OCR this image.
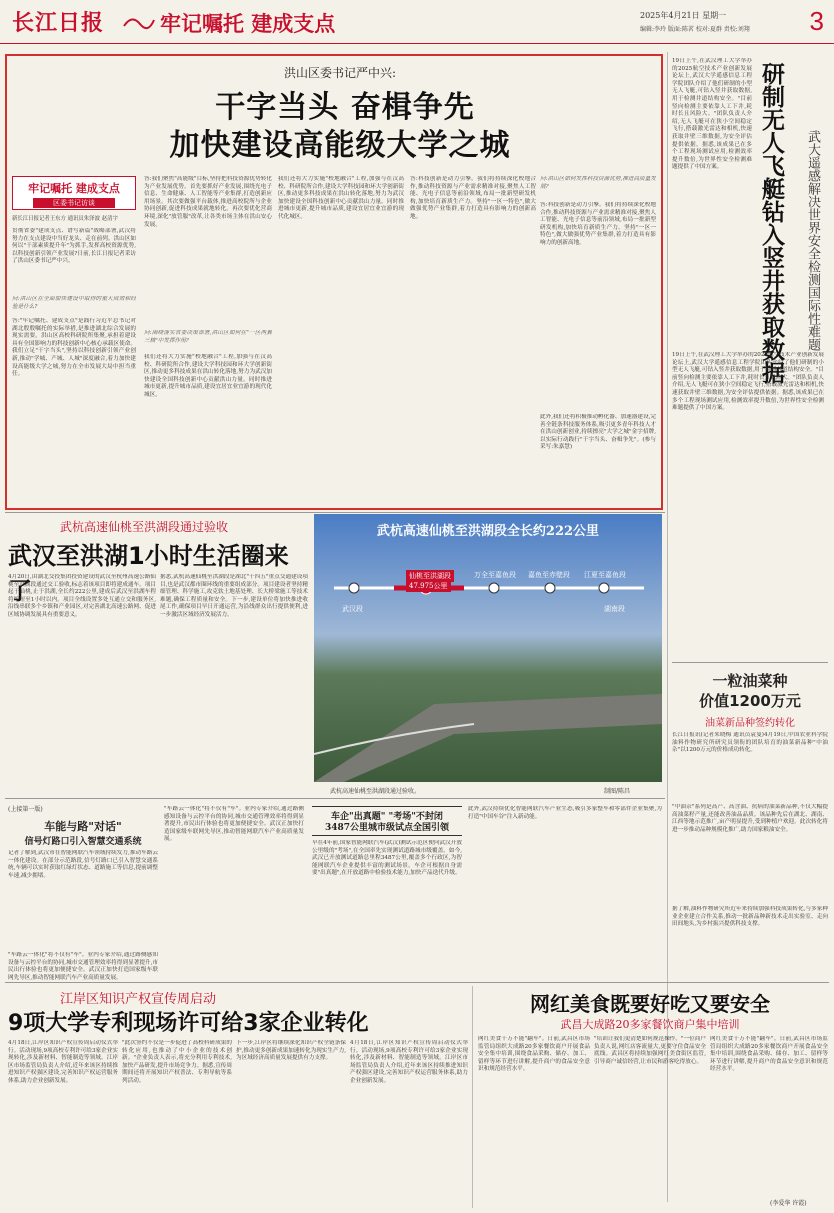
长江日报	牢记嘱托 建成支点	2025年4月21日 星期一
编辑:李玲 版面:陈茗 校对:夏群 责校:刘翔 3
洪山区委书记严中兴:
干字当头 奋楫争先
加快建设高能级大学之城
牢记嘱托 建成支点
区委书记访谈
新长江日报记者王东方 通讯员朱泽波 赵清宇
贯彻省委"建成支点、谱写新篇"战略部署,武汉将努力在支点建设中当好龙头、走在前列。洪山区如何以"干部素质提升年"为抓手,发挥高校资源优势,以科技创新引领产业发展?日前,长江日报记者采访了洪山区委书记严中兴。
问:洪山区在全面加快建设中取得的重大成效和经验是什么?
答:"牢记嘱托、建成支点"是践行习近平总书记对湖北殷殷嘱托的实际举措,是推进湖北综合发展的现实需要。洪山区高校科研院所集聚,承担着建设具有全国影响力的科技创新中心核心承载区使命。我们立足"干字当头",坚持以科技创新引领产业创新,推动"学城、产城、人城"深度融合,着力加快建设高能级大学之城,努力在全市发展大局中担当重任。
答:我们聚焦"高能级"目标,坚持把科技资源优势转化为产业发展优势。首先要抓好产业发展,围绕光电子信息、生命健康、人工智能等产业集群,打造创新应用场景。其次要做强平台载体,推进高校院所与企业协同创新,促进科技成果就地转化。再次要优化营商环境,深化"放管服"改革,让各类市场主体在洪山安心发展。
问:围绕落实省委决策部署,洪山区如何在"一区两翼三核"中发挥作用?
我们还将大力实施"校地融合"工程,加强与在汉高校、科研院所合作,建设大学科技园和环大学创新街区,推动更多科技成果在洪山转化落地,努力为武汉加快建设全国科技创新中心贡献洪山力量。同时推进城市更新,提升城市品质,建设宜居宜业宜游的现代化城区。
我们还将大力实施"校地融合"工程,加强与在汉高校、科研院所合作,建设大学科技园和环大学创新街区,推动更多科技成果在洪山转化落地,努力为武汉加快建设全国科技创新中心贡献洪山力量。同时推进城市更新,提升城市品质,建设宜居宜业宜游的现代化城区。
答:科技创新是动力引擎。我们将持续深化校地合作,推动科技资源与产业需求精准对接,聚焦人工智能、光电子信息等前沿领域,布局一批新型研发机构,加快培育新质生产力。坚持"一区一特色",做大做强优势产业集群,着力打造具有影响力的创新高地。
问:洪山区如何发挥科技资源优势,推进高质量发展?
答:科技创新是动力引擎。我们将持续深化校地合作,推动科技资源与产业需求精准对接,聚焦人工智能、光电子信息等前沿领域,布局一批新型研发机构,加快培育新质生产力。坚持"一区一特色",做大做强优势产业集群,着力打造具有影响力的创新高地。
此外,我们还将积极推动孵化器、加速器建设,完善全链条科技服务体系,吸引更多青年科技人才在洪山创新创业,持续擦亮"大学之城"金字招牌,以实际行动践行"干字当头、奋楫争先"。(参与采写:朱嘉慧)
19日上午,在武汉理工大学举办的2025航空技术产业创新发展论坛上,武汉大学遥感信息工程学院团队介绍了他们研制的小型无人飞艇,可钻入竖井获取数据,用于检测井道结构安全。"目前竖向检测主要依靠人工下井,耗时长且风险大。"团队负责人介绍,无人飞艇可在狭小空间稳定飞行,搭载激光雷达和相机,快速获取井壁三维数据,为安全评估提供依据。据悉,该成果已在多个工程现场测试应用,检测效率提升数倍,为世界性安全检测难题提供了中国方案。	研制无人飞艇钻入竖井获取数据	武大遥感解决世界安全检测国际性难题
19日上午,在武汉理工大学举办的2025航空技术产业创新发展论坛上,武汉大学遥感信息工程学院团队介绍了他们研制的小型无人飞艇,可钻入竖井获取数据,用于检测井道结构安全。"目前竖向检测主要依靠人工下井,耗时长且风险大。"团队负责人介绍,无人飞艇可在狭小空间稳定飞行,搭载激光雷达和相机,快速获取井壁三维数据,为安全评估提供依据。据悉,该成果已在多个工程现场测试应用,检测效率提升数倍,为世界性安全检测难题提供了中国方案。
武杭高速仙桃至洪湖段通过验收
武汉至洪湖1小时生活圈来了
4月20日,由湖北交投集团投资建设的武汉至杭州高速公路仙桃至洪湖段通过交工验收,标志着该项目即将建成通车。项目起于仙桃,止于洪湖,全长约222公里,建成后武汉至洪湖车程将缩短至1小时以内。项目全线设置多处互通立交和服务区,沿线串联多个乡镇和产业园区,对完善湖北高速公路网、促进区域协调发展具有重要意义。
据悉,武杭高速仙桃至洪湖段是湖北"十四五"重点交通建设项目,也是武汉都市圈环线的重要组成部分。项目建设者坚持精细管理、科学施工,攻克软土地基处理、长大桥梁施工等技术难题,确保工程质量和安全。下一步,建设单位将加快推进收尾工作,确保项目早日开通运营,为沿线群众出行提供便利,进一步激活区域经济发展活力。
武杭高速仙桃至洪湖段全长约222公里
武汉段
仙桃至洪湖段
47.975公里
万全至嘉鱼段 嘉鱼至赤壁段 江夏至嘉鱼段
湖南段
武杭高速仙桃至洪湖段通过验收。	制图/陈昌
一粒油菜种
价值1200万元
油菜新品种签约转化
长江日报讯(记者朱晓梅 通讯员袁曼)4月19日,中国农业科学院油料作物研究所研究员领衔的团队培育的油菜新品种"中油杂"以1200万元的价格成功转化。
"中油杂"系列是高产、高含油、抗病的油菜新品种,不仅大幅提高油菜籽产量,还能改善油品品质。该品种先后在湖北、湖南、江西等地示范推广,亩产明显提升,受到种植户欢迎。此次转化将进一步推动品种规模化推广,助力国家粮油安全。
据了解,油料作物研究所近年来持续加强科技成果转化,与多家种业企业建立合作关系,推动一批新品种新技术走出实验室、走向田间地头,为乡村振兴提供科技支撑。
(上接第一版)
车能与路"对话"
信号灯路口引入智慧交通系统
记者了解到,武汉市在智能网联汽车领域持续发力,推动车路云一体化建设。在部分示范路段,信号灯路口已引入智慧交通系统,车辆可以实时获取红绿灯状态、道路施工等信息,提前调整车速,减少拥堵。
"车路云一体化"将不仅有"车"。业内专家介绍,通过路侧感知设备与云控平台的协同,城市交通管理效率将得到显著提升,市民出行体验也将更加便捷安全。武汉正加快打造国家级车联网先导区,推动智能网联汽车产业高质量发展。
"车路云一体化"将不仅有"车"。业内专家介绍,通过路侧感知设备与云控平台的协同,城市交通管理效率将得到显著提升,市民出行体验也将更加便捷安全。武汉正加快打造国家级车联网先导区,推动智能网联汽车产业高质量发展。
车企"出真题" "考场"不封闭
3487公里城市级试点全国引领
早在4年前,国家智能网联汽车(武汉)测试示范区便向武汉开放公里级的"考场",在全国率先实现测试道路城市级覆盖。如今,武汉已开放测试道路总里程3487公里,覆盖多个行政区,为智能网联汽车企业提供丰富的测试场景。车企可根据自身需要"出真题",在开放道路中检验技术能力,加快产品迭代升级。
此外,武汉持续优化智能网联汽车产业生态,吸引多家整车和零部件企业集聚,为打造"中国车谷"注入新动能。
江岸区知识产权宣传周启动
9项大学专利现场许可给3家企业转化
4月18日,江岸区知识产权宣传周启动仪式举行。活动现场,9项高校专利许可给3家企业实现转化,涉及新材料、智能制造等领域。江岸区市场监管局负责人介绍,近年来该区持续推进知识产权强区建设,完善知识产权运营服务体系,助力企业创新发展。
"此次签约不仅是一步促进了高校科研成果的转化应用,也推动了中小企业的技术创新。"企业负责人表示,将充分利用专利技术,加快产品研发,提升市场竞争力。据悉,宣传周期间还将开展知识产权普法、专利导航等系列活动。
下一步,江岸区将继续深化知识产权全链条保护,推动更多创新成果加速转化为现实生产力,为区域经济高质量发展提供有力支撑。
4月18日,江岸区知识产权宣传周启动仪式举行。活动现场,9项高校专利许可给3家企业实现转化,涉及新材料、智能制造等领域。江岸区市场监管局负责人介绍,近年来该区持续推进知识产权强区建设,完善知识产权运营服务体系,助力企业创新发展。
网红美食既要好吃又要安全
武昌大成路20多家餐饮商户集中培训
网红美食千万不能"翻车"。日前,武昌区市场监管局组织大成路20多家餐饮商户开展食品安全集中培训,围绕食品采购、储存、加工、留样等环节进行讲解,提升商户的食品安全意识和规范经营水平。
"培训让我们更清楚如何规范操作。"一位商户负责人说,网红店客流量大,更要守住食品安全底线。武昌区将持续加强网红美食街区监管,引导商户诚信经营,让市民和游客吃得放心。
网红美食千万不能"翻车"。日前,武昌区市场监管局组织大成路20多家餐饮商户开展食品安全集中培训,围绕食品采购、储存、加工、留样等环节进行讲解,提升商户的食品安全意识和规范经营水平。
(李爱华 许霞)
